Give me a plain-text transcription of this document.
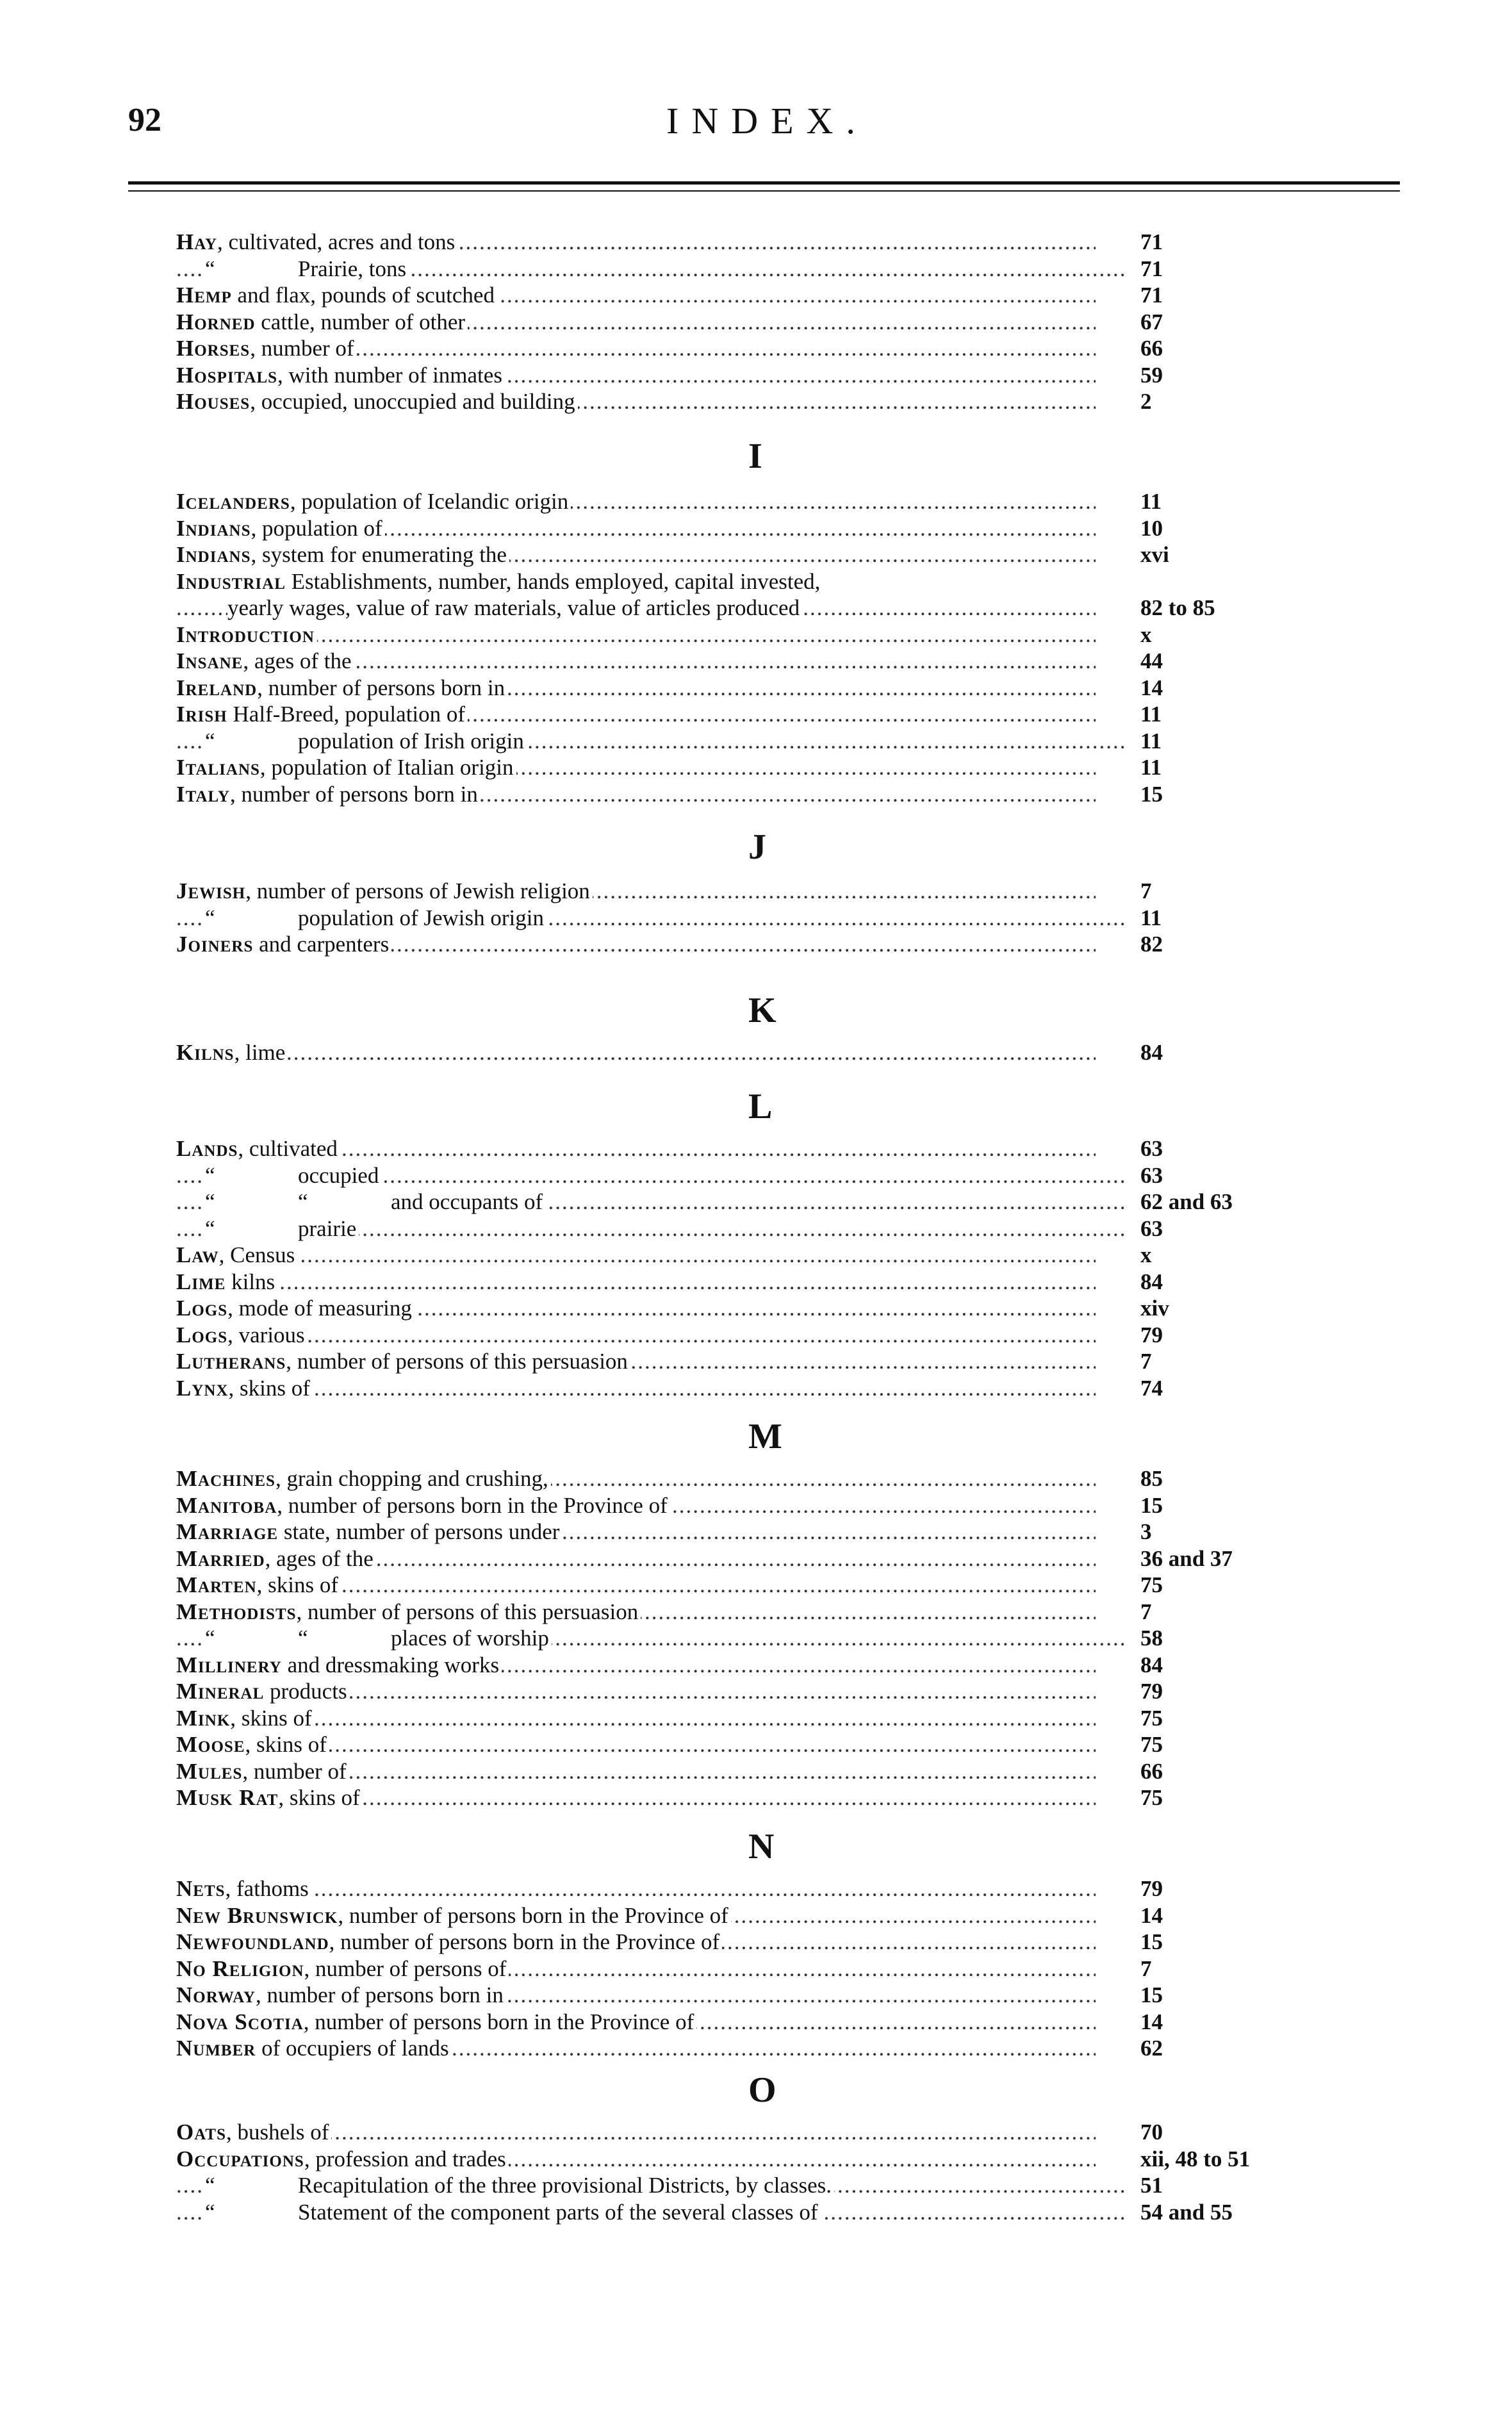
92	INDEX.
Hay, cultivated, acres and tons .....	71
“	Prairie, tons .....	71
Hemp and flax, pounds of scutched .....	71
Horned cattle, number of other .....	67
Horses, number of .....	66
Hospitals, with number of inmates .....	59
Houses, occupied, unoccupied and building .....	2
Icelanders, population of Icelandic origin .....	11
Indians, population of .....	10
Indians, system for enumerating the .....	xvi
Industrial Establishments, number, hands employed, capital invested,
yearly wages, value of raw materials, value of articles produced .....	82 to 85
Introduction .....	x
Insane, ages of the .....	44
Ireland, number of persons born in .....	14
Irish Half-Breed, population of .....	11
“	population of Irish origin .....	11
Italians, population of Italian origin .....	11
Italy, number of persons born in .....	15
Jewish, number of persons of Jewish religion .....	7
“	population of Jewish origin .....	11
Joiners and carpenters .....	82
Kilns, lime .....	84
Lands, cultivated .....	63
“	occupied .....	63
“	“	and occupants of .....	62 and 63
“	prairie .....	63
Law, Census .....	x
Lime kilns .....	84
Logs, mode of measuring .....	xiv
Logs, various .....	79
Lutherans, number of persons of this persuasion .....	7
Lynx, skins of .....	74
Machines, grain chopping and crushing, .....	85
Manitoba, number of persons born in the Province of .....	15
Marriage state, number of persons under .....	3
Married, ages of the .....	36 and 37
Marten, skins of .....	75
Methodists, number of persons of this persuasion .....	7
“	“	places of worship .....	58
Millinery and dressmaking works .....	84
Mineral products .....	79
Mink, skins of .....	75
Moose, skins of .....	75
Mules, number of .....	66
Musk Rat, skins of .....	75
Nets, fathoms .....	79
New Brunswick, number of persons born in the Province of .....	14
Newfoundland, number of persons born in the Province of .....	15
No Religion, number of persons of .....	7
Norway, number of persons born in .....	15
Nova Scotia, number of persons born in the Province of .....	14
Number of occupiers of lands .....	62
Oats, bushels of .....	70
Occupations, profession and trades .....	xii, 48 to 51
“	Recapitulation of the three provisional Districts, by classes. .....	51
“	Statement of the component parts of the several classes of .....	54 and 55
I
J
K
L
M
N
O
